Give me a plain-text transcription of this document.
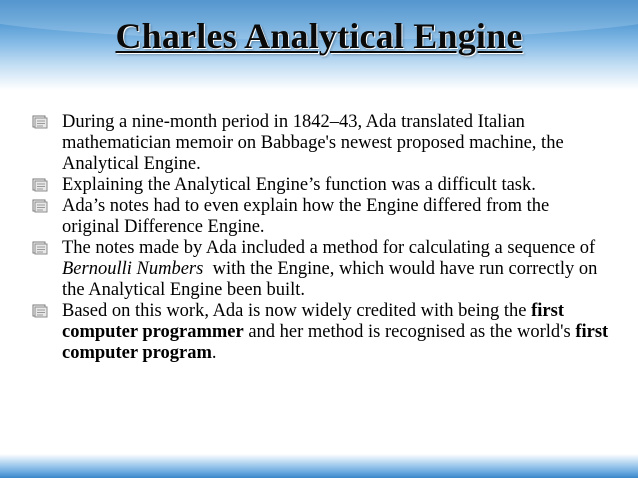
Charles Analytical Engine
During a nine-month period in 1842–43, Ada translated Italian mathematician memoir on Babbage's newest proposed machine, the Analytical Engine.
Explaining the Analytical Engine’s function was a difficult task.
Ada’s notes had to even explain how the Engine differed from the original Difference Engine.
The notes made by Ada included a method for calculating a sequence of Bernoulli Numbers  with the Engine, which would have run correctly on the Analytical Engine been built.
Based on this work, Ada is now widely credited with being the first computer programmer and her method is recognised as the world's first computer program.
